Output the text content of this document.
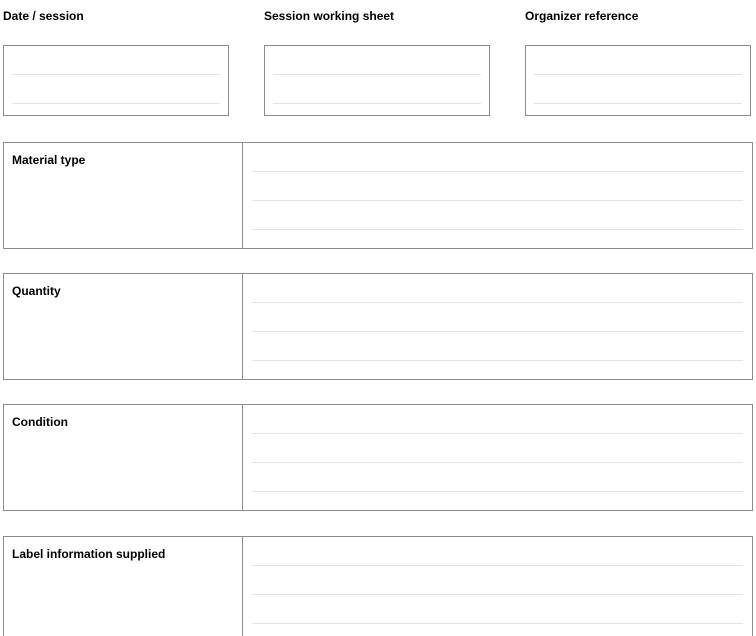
Date / session	Session working sheet	Organizer reference
Material type
Quantity
Condition
Label information supplied
